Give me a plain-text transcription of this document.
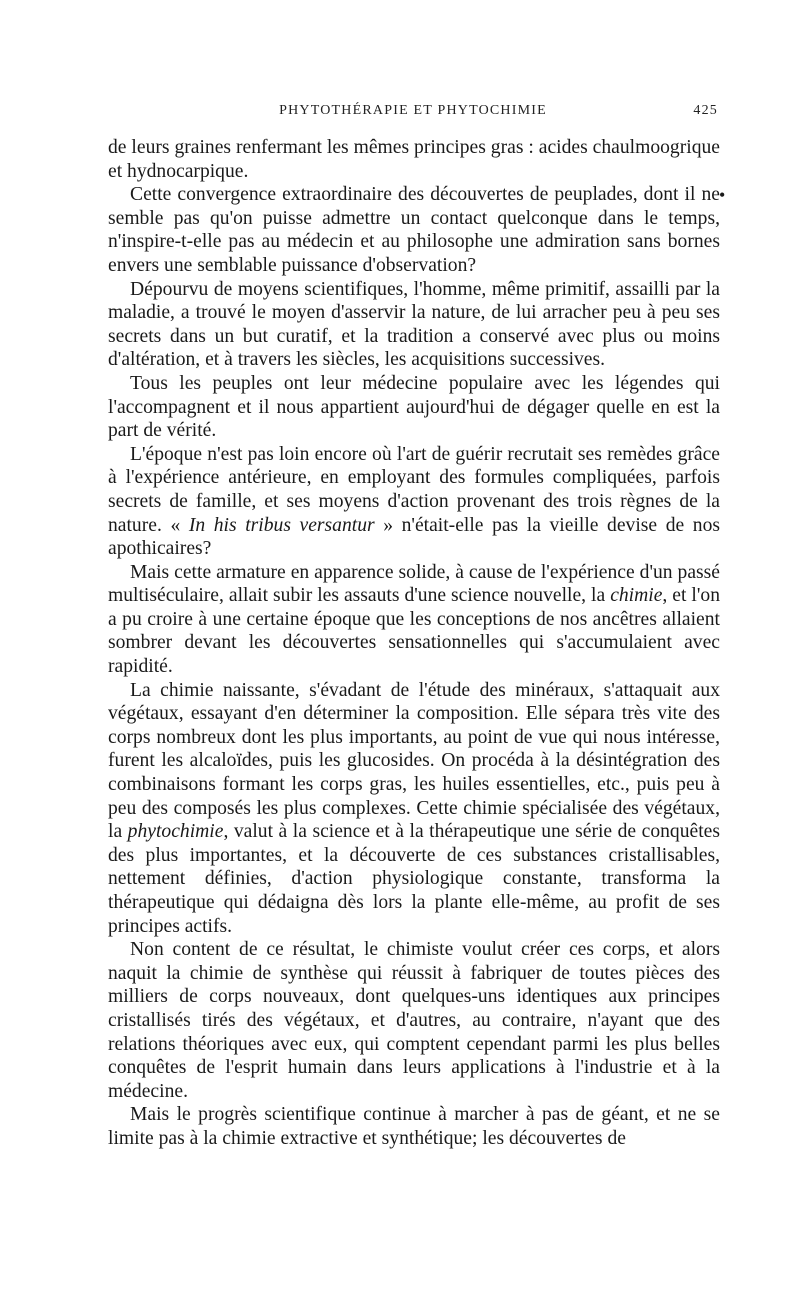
PHYTOTHÉRAPIE ET PHYTOCHIMIE	425
•

de leurs graines renfermant les mêmes principes gras : acides chaulmoogrique et hydnocarpique.

Cette convergence extraordinaire des découvertes de peuplades, dont il ne semble pas qu'on puisse admettre un contact quelconque dans le temps, n'inspire-t-elle pas au médecin et au philosophe une admiration sans bornes envers une semblable puissance d'observation?

Dépourvu de moyens scientifiques, l'homme, même primitif, assailli par la maladie, a trouvé le moyen d'asservir la nature, de lui arracher peu à peu ses secrets dans un but curatif, et la tradition a conservé avec plus ou moins d'altération, et à travers les siècles, les acquisitions successives.

Tous les peuples ont leur médecine populaire avec les légendes qui l'accompagnent et il nous appartient aujourd'hui de dégager quelle en est la part de vérité.

L'époque n'est pas loin encore où l'art de guérir recrutait ses remèdes grâce à l'expérience antérieure, en employant des formules compliquées, parfois secrets de famille, et ses moyens d'action provenant des trois règnes de la nature. « In his tribus versantur » n'était-elle pas la vieille devise de nos apothicaires?

Mais cette armature en apparence solide, à cause de l'expérience d'un passé multiséculaire, allait subir les assauts d'une science nouvelle, la chimie, et l'on a pu croire à une certaine époque que les conceptions de nos ancêtres allaient sombrer devant les découvertes sensationnelles qui s'accumulaient avec rapidité.

La chimie naissante, s'évadant de l'étude des minéraux, s'attaquait aux végétaux, essayant d'en déterminer la composition. Elle sépara très vite des corps nombreux dont les plus importants, au point de vue qui nous intéresse, furent les alcaloïdes, puis les glucosides. On procéda à la désintégration des combinaisons formant les corps gras, les huiles essentielles, etc., puis peu à peu des composés les plus complexes. Cette chimie spécialisée des végétaux, la phytochimie, valut à la science et à la thérapeutique une série de conquêtes des plus importantes, et la découverte de ces substances cristallisables, nettement définies, d'action physiologique constante, transforma la thérapeutique qui dédaigna dès lors la plante elle-même, au profit de ses principes actifs.

Non content de ce résultat, le chimiste voulut créer ces corps, et alors naquit la chimie de synthèse qui réussit à fabriquer de toutes pièces des milliers de corps nouveaux, dont quelques-uns identiques aux principes cristallisés tirés des végétaux, et d'autres, au contraire, n'ayant que des relations théoriques avec eux, qui comptent cependant parmi les plus belles conquêtes de l'esprit humain dans leurs applications à l'industrie et à la médecine.

Mais le progrès scientifique continue à marcher à pas de géant, et ne se limite pas à la chimie extractive et synthétique; les découvertes de
